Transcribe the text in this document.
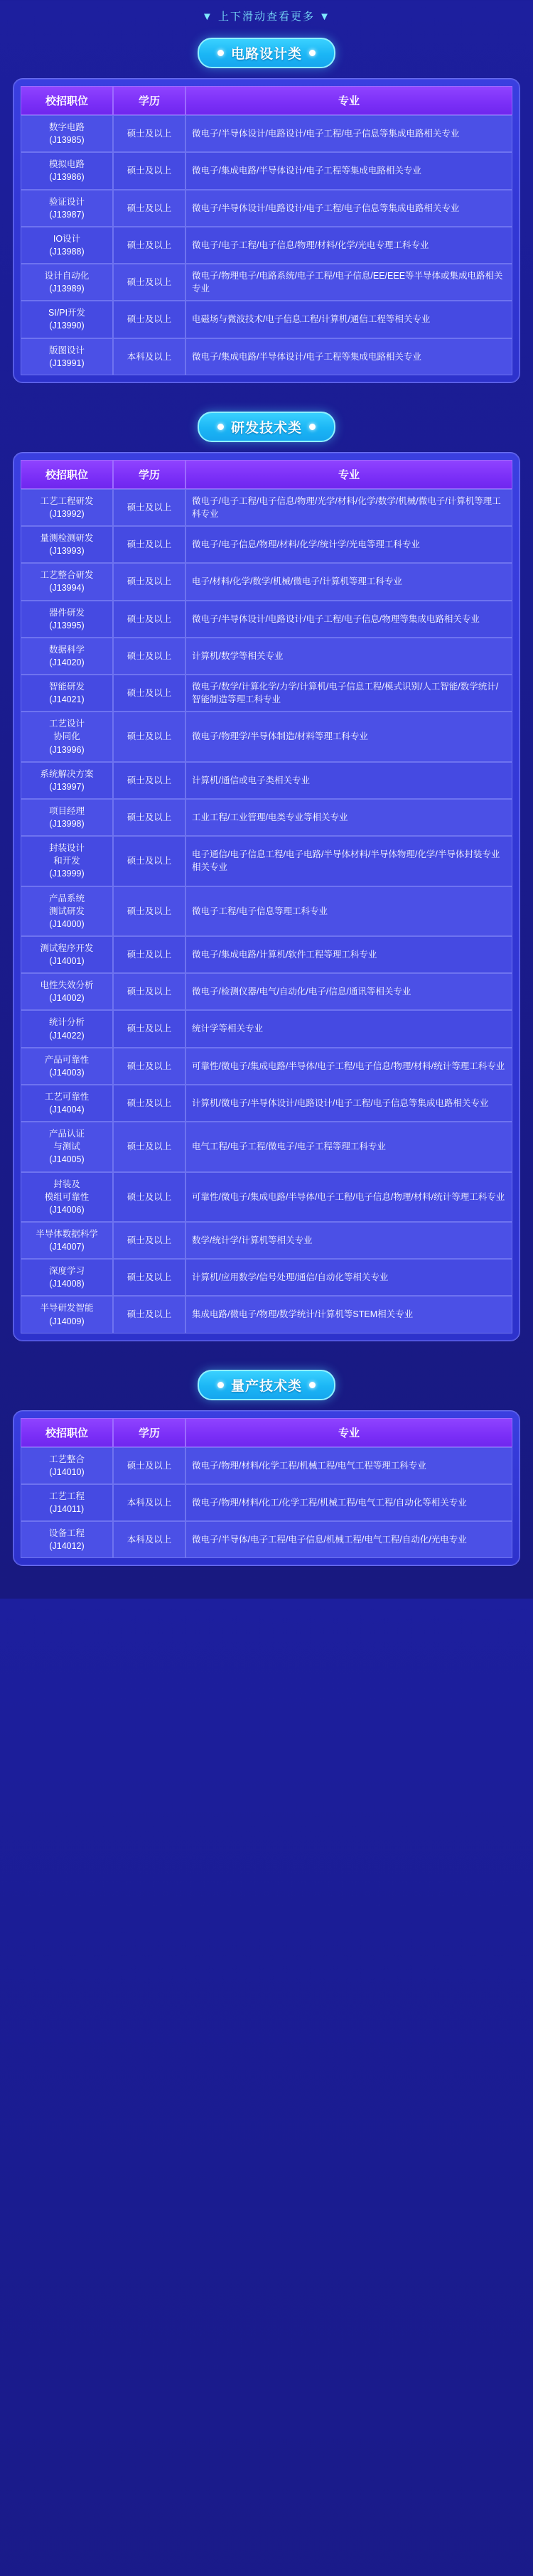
▼ 上下滑动查看更多 ▼
电路设计类
校招职位	学历	专业
数字电路
(J13985)	硕士及以上	微电子/半导体设计/电路设计/电子工程/电子信息等集成电路相关专业
模拟电路
(J13986)	硕士及以上	微电子/集成电路/半导体设计/电子工程等集成电路相关专业
验证设计
(J13987)	硕士及以上	微电子/半导体设计/电路设计/电子工程/电子信息等集成电路相关专业
IO设计
(J13988)	硕士及以上	微电子/电子工程/电子信息/物理/材料/化学/光电专理工科专业
设计自动化
(J13989)	硕士及以上	微电子/物理电子/电路系统/电子工程/电子信息/EE/EEE等半导体或集成电路相关专业
SI/PI开发
(J13990)	硕士及以上	电磁场与微波技术/电子信息工程/计算机/通信工程等相关专业
版图设计
(J13991)	本科及以上	微电子/集成电路/半导体设计/电子工程等集成电路相关专业
研发技术类
校招职位	学历	专业
工艺工程研发
(J13992)	硕士及以上	微电子/电子工程/电子信息/物理/光学/材料/化学/数学/机械/微电子/计算机等理工科专业
量测检测研发
(J13993)	硕士及以上	微电子/电子信息/物理/材料/化学/统计学/光电等理工科专业
工艺整合研发
(J13994)	硕士及以上	电子/材料/化学/数学/机械/微电子/计算机等理工科专业
器件研发
(J13995)	硕士及以上	微电子/半导体设计/电路设计/电子工程/电子信息/物理等集成电路相关专业
数据科学
(J14020)	硕士及以上	计算机/数学等相关专业
智能研发
(J14021)	硕士及以上	微电子/数学/计算化学/力学/计算机/电子信息工程/模式识别/人工智能/数学统计/智能制造等理工科专业
工艺设计
协同化
(J13996)	硕士及以上	微电子/物理学/半导体制造/材料等理工科专业
系统解决方案
(J13997)	硕士及以上	计算机/通信或电子类相关专业
项目经理
(J13998)	硕士及以上	工业工程/工业管理/电类专业等相关专业
封装设计
和开发
(J13999)	硕士及以上	电子通信/电子信息工程/电子电路/半导体材料/半导体物理/化学/半导体封装专业相关专业
产品系统
测试研发
(J14000)	硕士及以上	微电子工程/电子信息等理工科专业
测试程序开发
(J14001)	硕士及以上	微电子/集成电路/计算机/软件工程等理工科专业
电性失效分析
(J14002)	硕士及以上	微电子/检测仪器/电气/自动化/电子/信息/通讯等相关专业
统计分析
(J14022)	硕士及以上	统计学等相关专业
产品可靠性
(J14003)	硕士及以上	可靠性/微电子/集成电路/半导体/电子工程/电子信息/物理/材料/统计等理工科专业
工艺可靠性
(J14004)	硕士及以上	计算机/微电子/半导体设计/电路设计/电子工程/电子信息等集成电路相关专业
产品认证
与测试
(J14005)	硕士及以上	电气工程/电子工程/微电子/电子工程等理工科专业
封装及
模组可靠性
(J14006)	硕士及以上	可靠性/微电子/集成电路/半导体/电子工程/电子信息/物理/材料/统计等理工科专业
半导体数据科学
(J14007)	硕士及以上	数学/统计学/计算机等相关专业
深度学习
(J14008)	硕士及以上	计算机/应用数学/信号处理/通信/自动化等相关专业
半导研发智能
(J14009)	硕士及以上	集成电路/微电子/物理/数学统计/计算机等STEM相关专业
量产技术类
校招职位	学历	专业
工艺整合
(J14010)	硕士及以上	微电子/物理/材料/化学工程/机械工程/电气工程等理工科专业
工艺工程
(J14011)	本科及以上	微电子/物理/材料/化工/化学工程/机械工程/电气工程/自动化等相关专业
设备工程
(J14012)	本科及以上	微电子/半导体/电子工程/电子信息/机械工程/电气工程/自动化/光电专业
